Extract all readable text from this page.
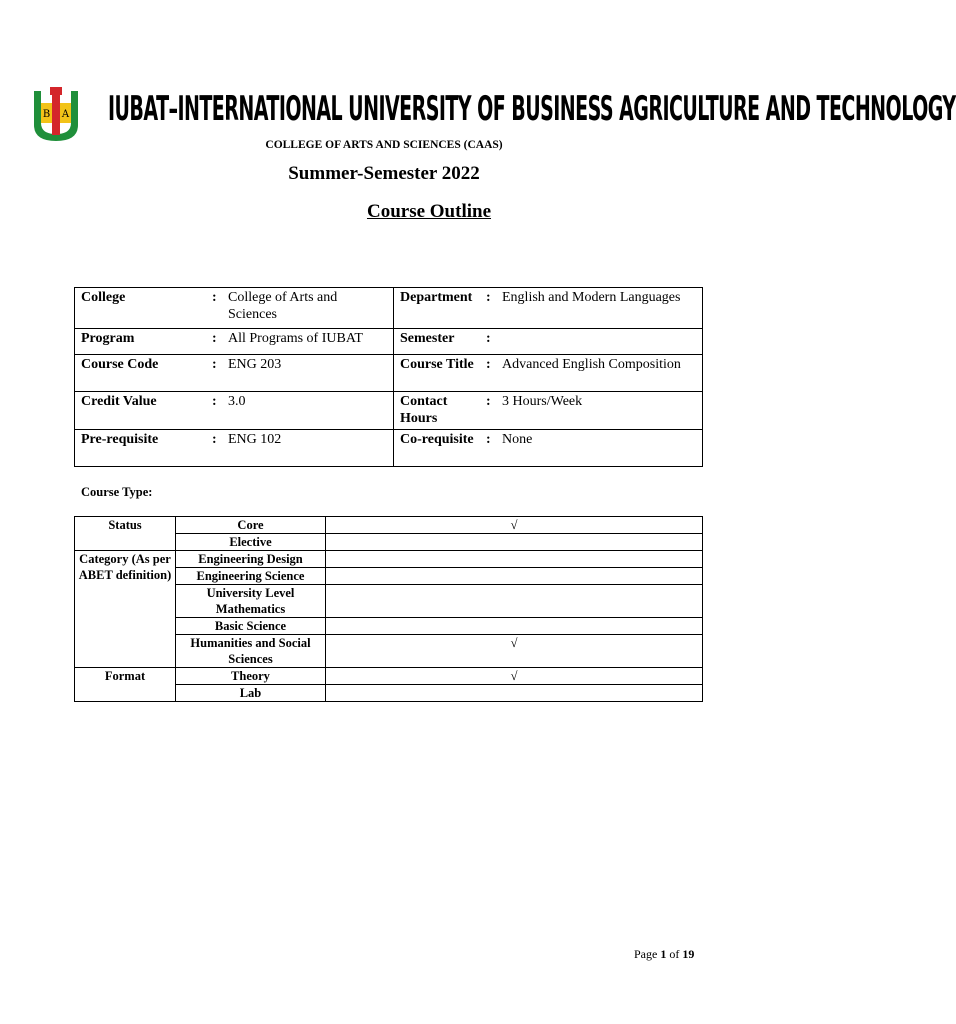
B A IUBAT–INTERNATIONAL UNIVERSITY OF BUSINESS AGRICULTURE AND TECHNOLOGY
COLLEGE OF ARTS AND SCIENCES (CAAS)
Summer-Semester 2022
Course Outline
College	:	College of Arts and Sciences	Department	:	English and Modern Languages
Program	:	All Programs of IUBAT	Semester	:	
Course Code	:	ENG 203	Course Title	:	Advanced English Composition
Credit Value	:	3.0	Contact Hours	:	3 Hours/Week
Pre-requisite	:	ENG 102	Co-requisite	:	None
Course Type:
Status	Core	√
	Elective	
Category (As per ABET definition)	Engineering Design	
	Engineering Science	
	University Level Mathematics	
	Basic Science	
	Humanities and Social Sciences	√
Format	Theory	√
	Lab	
Page 1 of 19
